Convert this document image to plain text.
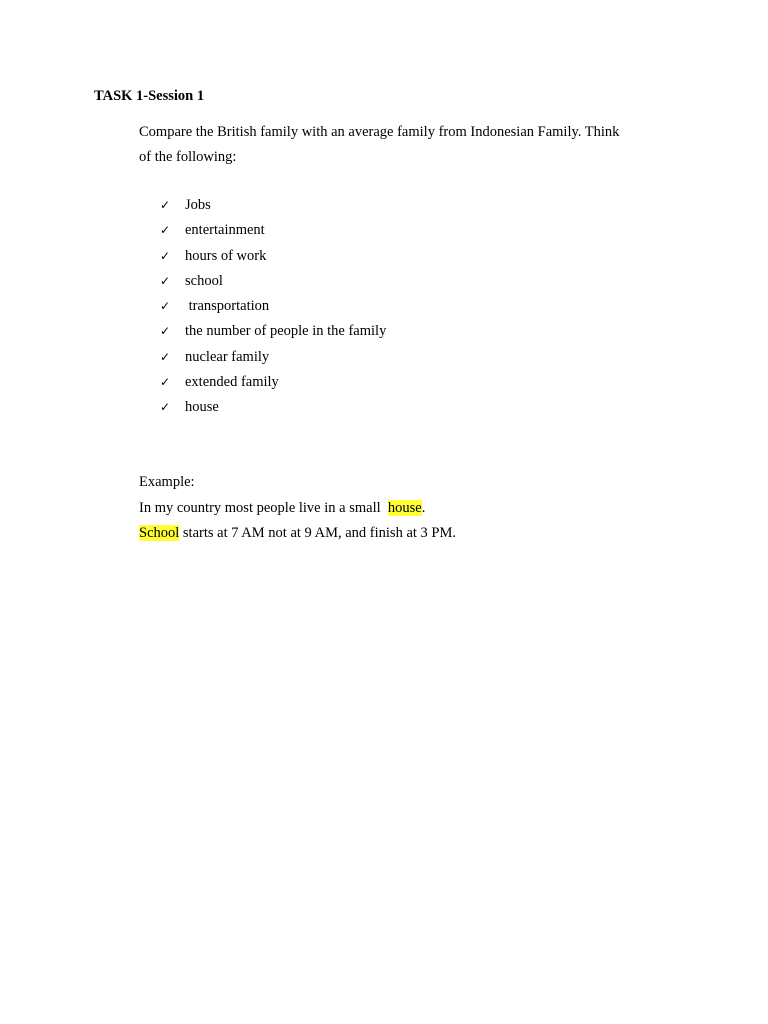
TASK 1-Session 1

Compare the British family with an average family from Indonesian Family. Think
of the following:
✓	Jobs
✓	entertainment
✓	hours of work
✓	school
✓	transportation
✓	the number of people in the family
✓	nuclear family
✓	extended family
✓	house

Example:

In my country most people live in a small  house.

School starts at 7 AM not at 9 AM, and finish at 3 PM.
